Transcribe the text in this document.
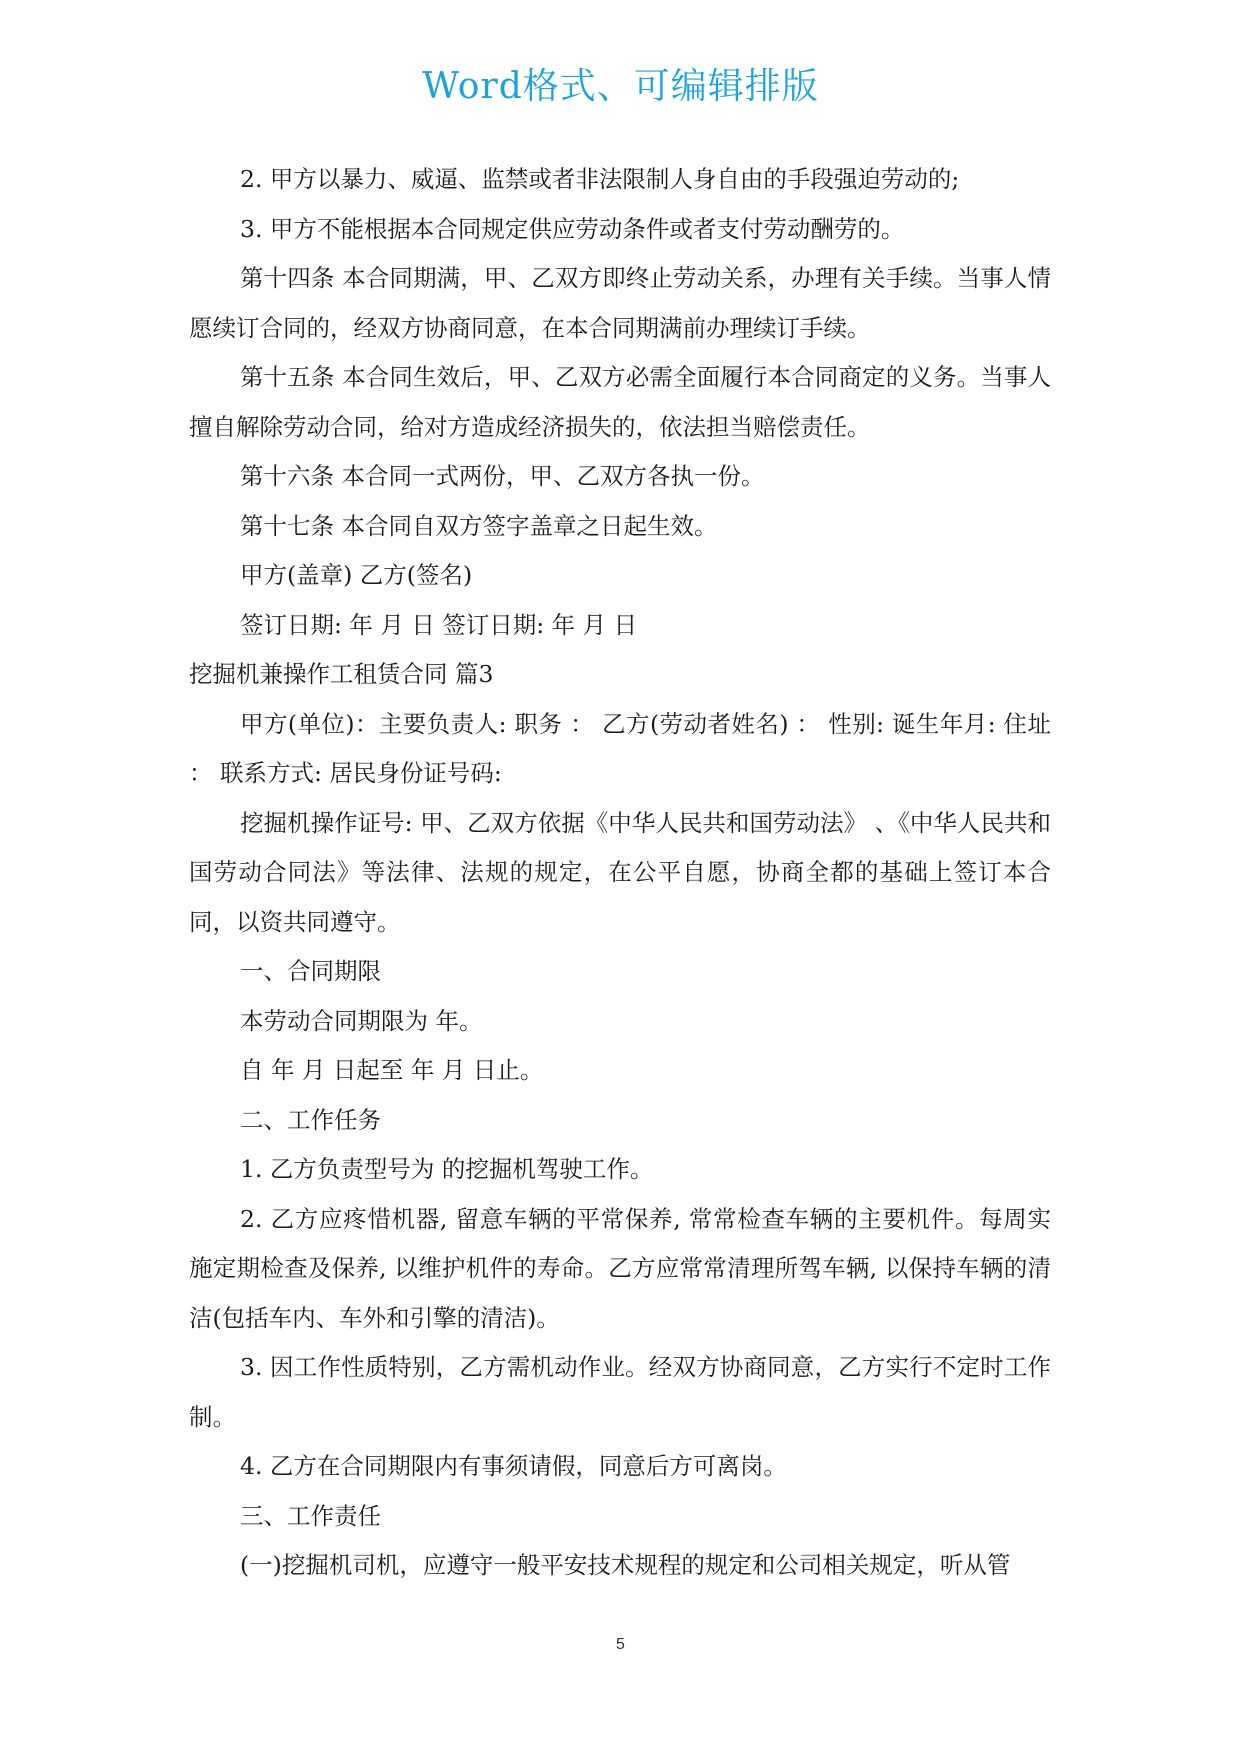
Word格式、可编辑排版

2. 甲方以暴力、威逼、监禁或者非法限制人身自由的手段强迫劳动的;

3. 甲方不能根据本合同规定供应劳动条件或者支付劳动酬劳的。

第十四条 本合同期满，甲、乙双方即终止劳动关系，办理有关手续。当事人情愿续订合同的，经双方协商同意，在本合同期满前办理续订手续。

第十五条 本合同生效后，甲、乙双方必需全面履行本合同商定的义务。当事人擅自解除劳动合同，给对方造成经济损失的，依法担当赔偿责任。

第十六条 本合同一式两份，甲、乙双方各执一份。

第十七条 本合同自双方签字盖章之日起生效。

甲方(盖章) 乙方(签名)

签订日期: 年 月 日 签订日期: 年 月 日

挖掘机兼操作工租赁合同 篇3

甲方(单位)：主要负责人: 职务 ： 乙方(劳动者姓名) ： 性别: 诞生年月: 住址 ： 联系方式: 居民身份证号码:

挖掘机操作证号: 甲、乙双方依据《中华人民共和国劳动法》 、《中华人民共和国劳动合同法》等法律、法规的规定，在公平自愿，协商全都的基础上签订本合同，以资共同遵守。

一、合同期限

本劳动合同期限为 年。

自 年 月 日起至 年 月 日止。

二、工作任务

1. 乙方负责型号为 的挖掘机驾驶工作。

2. 乙方应疼惜机器, 留意车辆的平常保养, 常常检查车辆的主要机件。每周实施定期检查及保养, 以维护机件的寿命。乙方应常常清理所驾车辆, 以保持车辆的清洁(包括车内、车外和引擎的清洁)。

3. 因工作性质特别，乙方需机动作业。经双方协商同意，乙方实行不定时工作制。

4. 乙方在合同期限内有事须请假，同意后方可离岗。

三、工作责任

(一)挖掘机司机，应遵守一般平安技术规程的规定和公司相关规定，听从管

5
